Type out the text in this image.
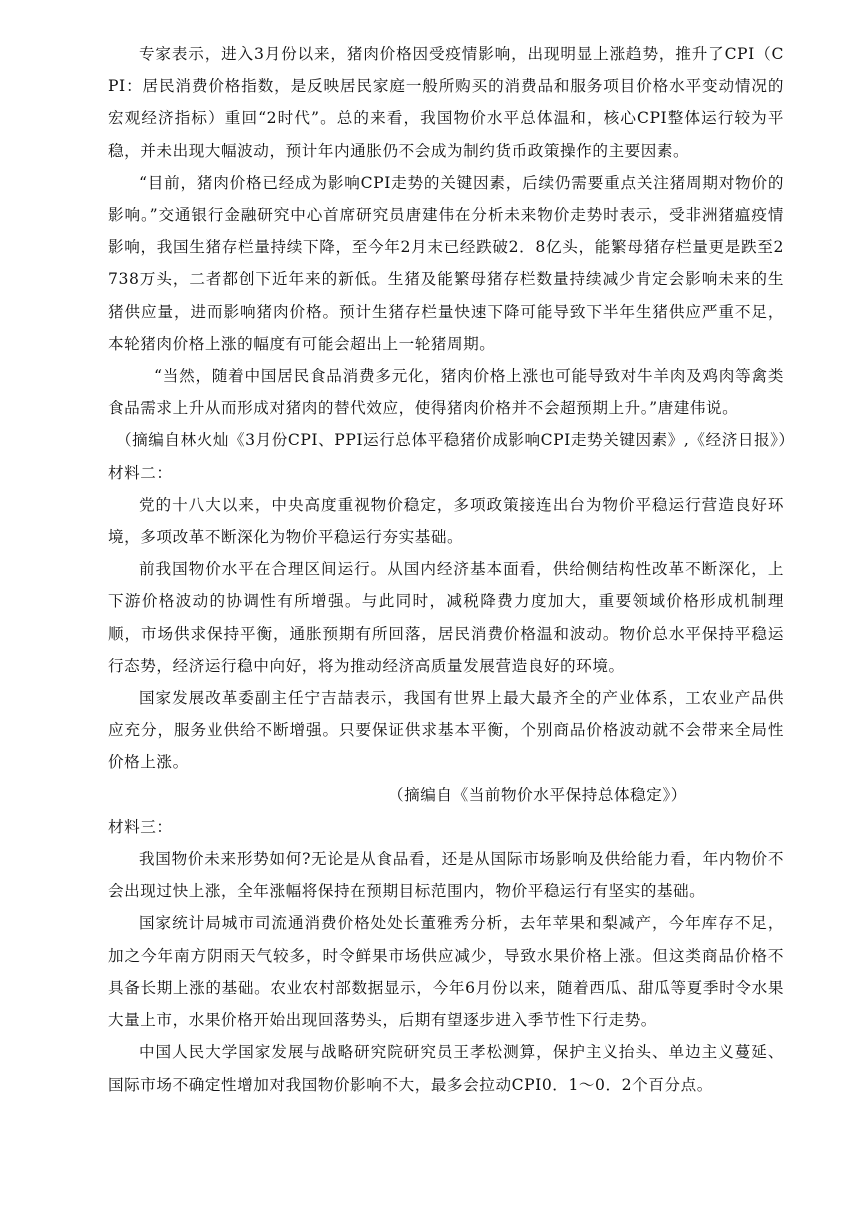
专家表示，进入3月份以来，猪肉价格因受疫情影响，出现明显上涨趋势，推升了CPI（CPI：居民消费价格指数，是反映居民家庭一般所购买的消费品和服务项目价格水平变动情况的宏观经济指标）重回“2时代”。总的来看，我国物价水平总体温和，核心CPI整体运行较为平稳，并未出现大幅波动，预计年内通胀仍不会成为制约货币政策操作的主要因素。

“目前，猪肉价格已经成为影响CPI走势的关键因素，后续仍需要重点关注猪周期对物价的影响。”交通银行金融研究中心首席研究员唐建伟在分析未来物价走势时表示，受非洲猪瘟疫情影响，我国生猪存栏量持续下降，至今年2月末已经跌破2．8亿头，能繁母猪存栏量更是跌至2738万头，二者都创下近年来的新低。生猪及能繁母猪存栏数量持续减少肯定会影响未来的生猪供应量，进而影响猪肉价格。预计生猪存栏量快速下降可能导致下半年生猪供应严重不足，本轮猪肉价格上涨的幅度有可能会超出上一轮猪周期。

“当然，随着中国居民食品消费多元化，猪肉价格上涨也可能导致对牛羊肉及鸡肉等禽类食品需求上升从而形成对猪肉的替代效应，使得猪肉价格并不会超预期上升。”唐建伟说。

（摘编自林火灿《3月份CPI、PPI运行总体平稳猪价成影响CPI走势关键因素》,《经济日报》）

材料二：

党的十八大以来，中央高度重视物价稳定，多项政策接连出台为物价平稳运行营造良好环境，多项改革不断深化为物价平稳运行夯实基础。

前我国物价水平在合理区间运行。从国内经济基本面看，供给侧结构性改革不断深化，上下游价格波动的协调性有所增强。与此同时，减税降费力度加大，重要领域价格形成机制理顺，市场供求保持平衡，通胀预期有所回落，居民消费价格温和波动。物价总水平保持平稳运行态势，经济运行稳中向好，将为推动经济高质量发展营造良好的环境。

国家发展改革委副主任宁吉喆表示，我国有世界上最大最齐全的产业体系，工农业产品供应充分，服务业供给不断增强。只要保证供求基本平衡，个别商品价格波动就不会带来全局性价格上涨。

（摘编自《当前物价水平保持总体稳定》）

材料三：

我国物价未来形势如何?无论是从食品看，还是从国际市场影响及供给能力看，年内物价不会出现过快上涨，全年涨幅将保持在预期目标范围内，物价平稳运行有坚实的基础。

国家统计局城市司流通消费价格处处长董雅秀分析，去年苹果和梨减产，今年库存不足，加之今年南方阴雨天气较多，时令鲜果市场供应减少，导致水果价格上涨。但这类商品价格不具备长期上涨的基础。农业农村部数据显示，今年6月份以来，随着西瓜、甜瓜等夏季时令水果大量上市，水果价格开始出现回落势头，后期有望逐步进入季节性下行走势。

中国人民大学国家发展与战略研究院研究员王孝松测算，保护主义抬头、单边主义蔓延、国际市场不确定性增加对我国物价影响不大，最多会拉动CPI0．1～0．2个百分点。
